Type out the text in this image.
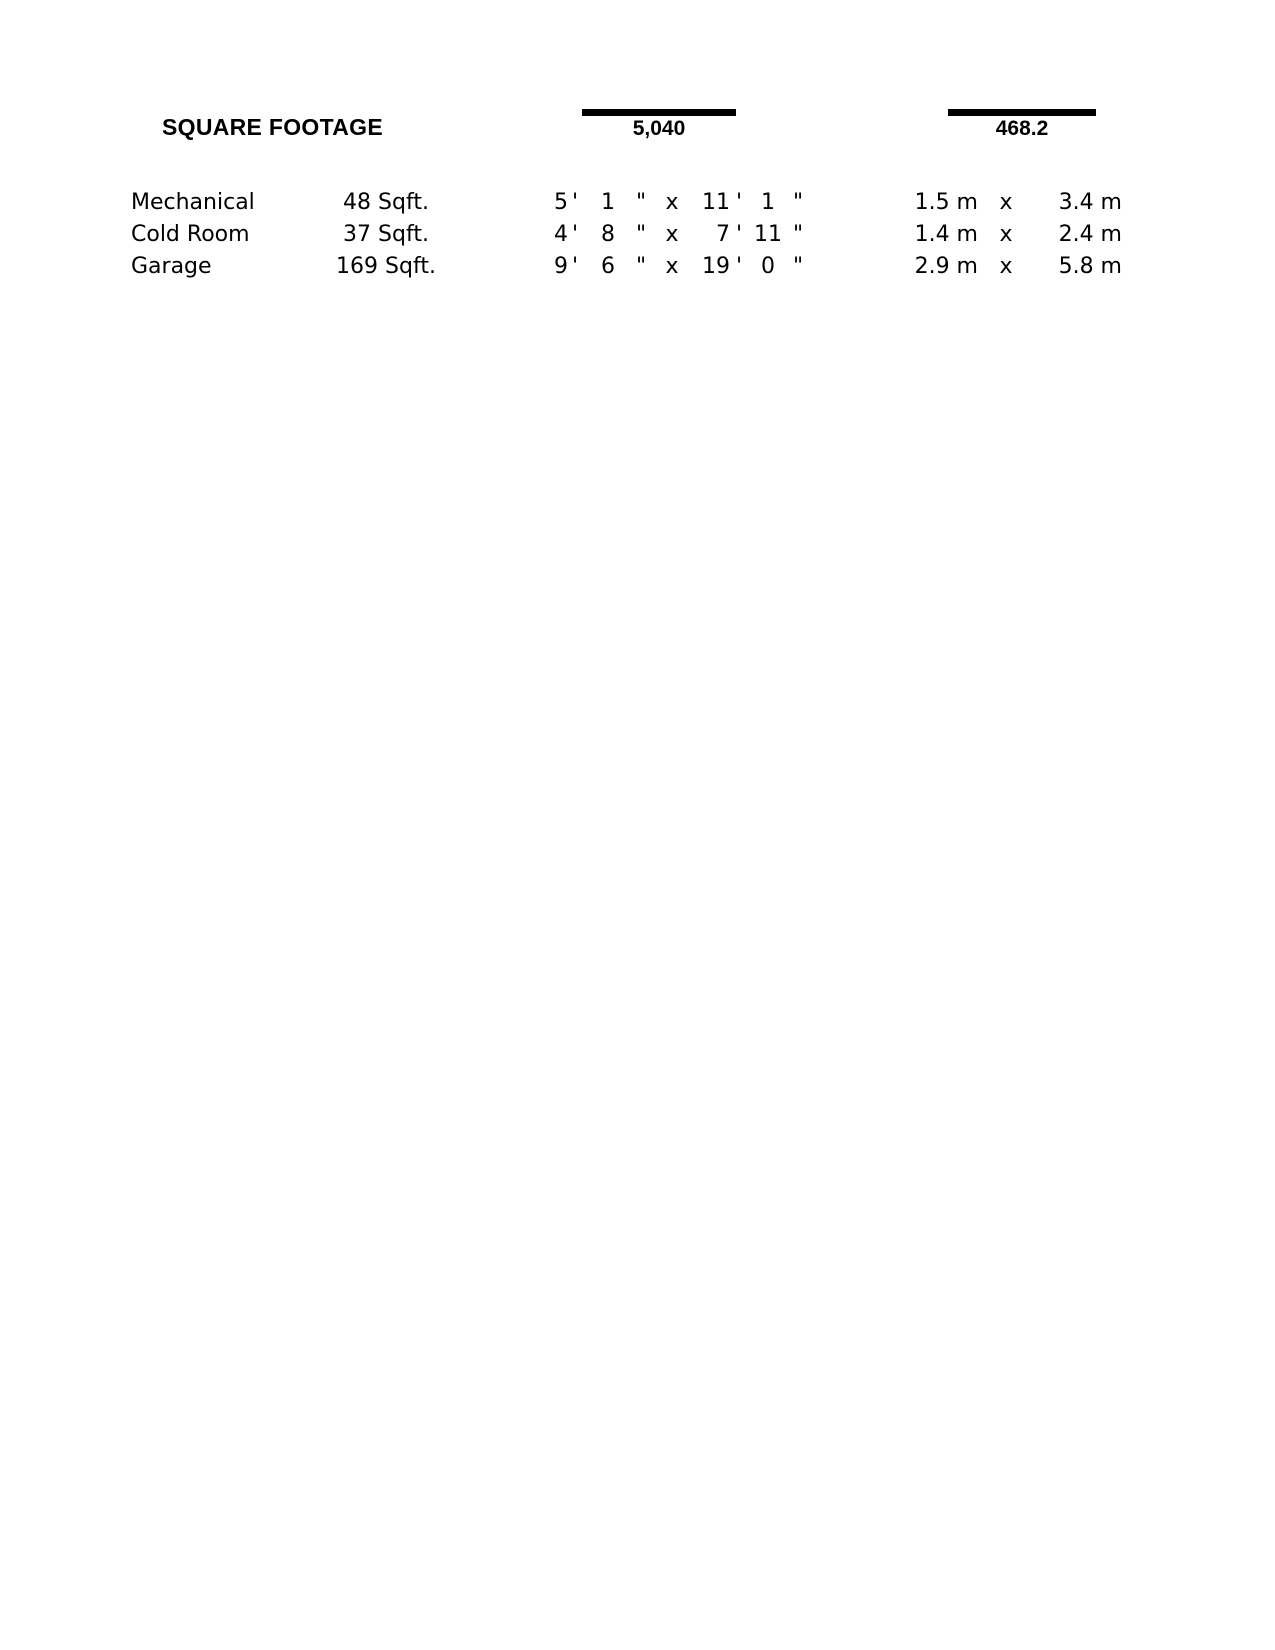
SQUARE FOOTAGE	5,040	468.2
Mechanical	48 Sqft.	5 ' 1 " x	11 ' 1 "	1.5 m x	3.4 m
Cold Room	37 Sqft.	4 ' 8 " x	7 ' 11 "	1.4 m x	2.4 m
Garage	169 Sqft.	9 ' 6 " x	19 ' 0 "	2.9 m x	5.8 m
